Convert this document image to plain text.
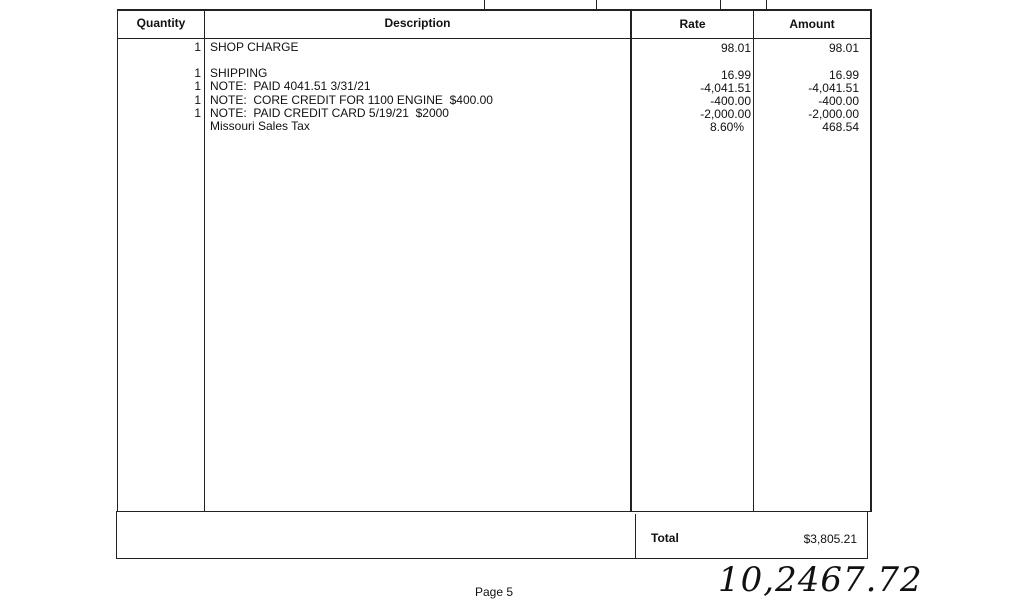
Quantity	Description	Rate	Amount
1 SHOP CHARGE	98.01	98.01
1 SHIPPING	16.99	16.99
1 NOTE:  PAID 4041.51 3/31/21	-4,041.51	-4,041.51
1 NOTE:  CORE CREDIT FOR 1100 ENGINE  $400.00	-400.00	-400.00
1 NOTE:  PAID CREDIT CARD 5/19/21  $2000	-2,000.00	-2,000.00
Missouri Sales Tax	8.60%	468.54
Total	$3,805.21
Page 5	10,2467.72
